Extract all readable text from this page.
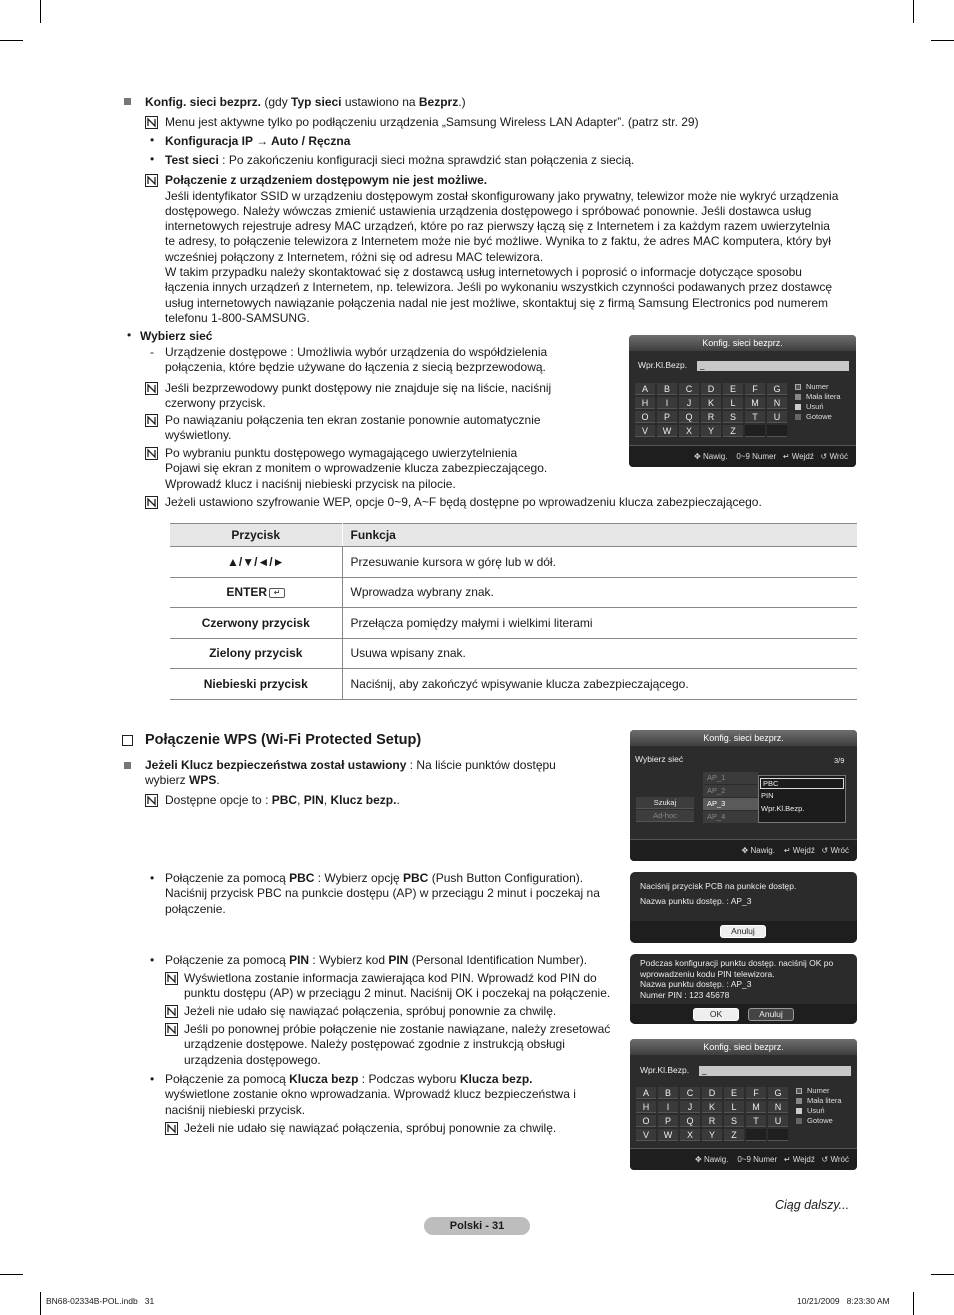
Konfig. sieci bezprz. (gdy Typ sieci ustawiono na Bezprz.)
Menu jest aktywne tylko po podłączeniu urządzenia „Samsung Wireless LAN Adapter”. (patrz str. 29)
• Konfiguracja IP → Auto / Ręczna
• Test sieci : Po zakończeniu konfiguracji sieci można sprawdzić stan połączenia z siecią.
Połączenie z urządzeniem dostępowym nie jest możliwe.
Jeśli identyfikator SSID w urządzeniu dostępowym został skonfigurowany jako prywatny, telewizor może nie wykryć urządzenia
dostępowego. Należy wówczas zmienić ustawienia urządzenia dostępowego i spróbować ponownie. Jeśli dostawca usług
internetowych rejestruje adresy MAC urządzeń, które po raz pierwszy łączą się z Internetem i za każdym razem uwierzytelnia
te adresy, to połączenie telewizora z Internetem może nie być możliwe. Wynika to z faktu, że adres MAC komputera, który był
wcześniej połączony z Internetem, różni się od adresu MAC telewizora.
W takim przypadku należy skontaktować się z dostawcą usług internetowych i poprosić o informacje dotyczące sposobu
łączenia innych urządzeń z Internetem, np. telewizora. Jeśli po wykonaniu wszystkich czynności podawanych przez dostawcę
usług internetowych nawiązanie połączenia nadal nie jest możliwe, skontaktuj się z firmą Samsung Electronics pod numerem
telefonu 1-800-SAMSUNG.
• Wybierz sieć
- Urządzenie dostępowe : Umożliwia wybór urządzenia do współdzielenia
połączenia, które będzie używane do łączenia z siecią bezprzewodową.
Jeśli bezprzewodowy punkt dostępowy nie znajduje się na liście, naciśnij
czerwony przycisk.
Po nawiązaniu połączenia ten ekran zostanie ponownie automatycznie
wyświetlony.
Po wybraniu punktu dostępowego wymagającego uwierzytelnienia
Pojawi się ekran z monitem o wprowadzenie klucza zabezpieczającego.
Wprowadź klucz i naciśnij niebieski przycisk na pilocie.
Jeżeli ustawiono szyfrowanie WEP, opcje 0~9, A~F będą dostępne po wprowadzeniu klucza zabezpieczającego.
Konfig. sieci bezprz.
Wpr.Kl.Bezp.	_
A	B	C	D	E	F	G
H	I	J	K	L	M	N
O	P	Q	R	S	T	U
V	W	X	Y	Z
Numer
Mała litera
Usuń
Gotowe
✥ Nawig. 0~9 Numer ↵ Wejdź ↺ Wróć
Przycisk	Funkcja
▲/▼/◄/►	Przesuwanie kursora w górę lub w dół.
ENTER ↵	Wprowadza wybrany znak.
Czerwony przycisk	Przełącza pomiędzy małymi i wielkimi literami
Zielony przycisk	Usuwa wpisany znak.
Niebieski przycisk	Naciśnij, aby zakończyć wpisywanie klucza zabezpieczającego.
Połączenie WPS (Wi-Fi Protected Setup)
Jeżeli Klucz bezpieczeństwa został ustawiony : Na liście punktów dostępu
wybierz WPS.
Dostępne opcje to : PBC, PIN, Klucz bezp..
• Połączenie za pomocą PBC : Wybierz opcję PBC (Push Button Configuration).
Naciśnij przycisk PBC na punkcie dostępu (AP) w przeciągu 2 minut i poczekaj na
połączenie.
• Połączenie za pomocą PIN : Wybierz kod PIN (Personal Identification Number).
Wyświetlona zostanie informacja zawierająca kod PIN. Wprowadź kod PIN do
punktu dostępu (AP) w przeciągu 2 minut. Naciśnij OK i poczekaj na połączenie.
Jeżeli nie udało się nawiązać połączenia, spróbuj ponownie za chwilę.
Jeśli po ponownej próbie połączenie nie zostanie nawiązane, należy zresetować
urządzenie dostępowe. Należy postępować zgodnie z instrukcją obsługi
urządzenia dostępowego.
• Połączenie za pomocą Klucza bezp : Podczas wyboru Klucza bezp.
wyświetlone zostanie okno wprowadzania. Wprowadź klucz bezpieczeństwa i
naciśnij niebieski przycisk.
Jeżeli nie udało się nawiązać połączenia, spróbuj ponownie za chwilę.
Konfig. sieci bezprz.
Wybierz sieć	3/9
Szukaj
Ad-hoc
AP_1
AP_2
AP_3
AP_4
PBC
PIN
Wpr.Kl.Bezp.
✥ Nawig. ↵ Wejdź ↺ Wróć
Naciśnij przycisk PCB na punkcie dostęp.
Nazwa punktu dostęp. : AP_3
Anuluj
Podczas konfiguracji punktu dostęp. naciśnij OK po
wprowadzeniu kodu PIN telewizora.
Nazwa punktu dostęp. : AP_3
Numer PIN : 123 45678
OK	Anuluj
Konfig. sieci bezprz.
Wpr.Kl.Bezp.	_
A	B	C	D	E	F	G
H	I	J	K	L	M	N
O	P	Q	R	S	T	U
V	W	X	Y	Z
Numer
Mała litera
Usuń
Gotowe
✥ Nawig. 0~9 Numer ↵ Wejdź ↺ Wróć
Ciąg dalszy...
Polski - 31
BN68-02334B-POL.indb   31	10/21/2009   8:23:30 AM
